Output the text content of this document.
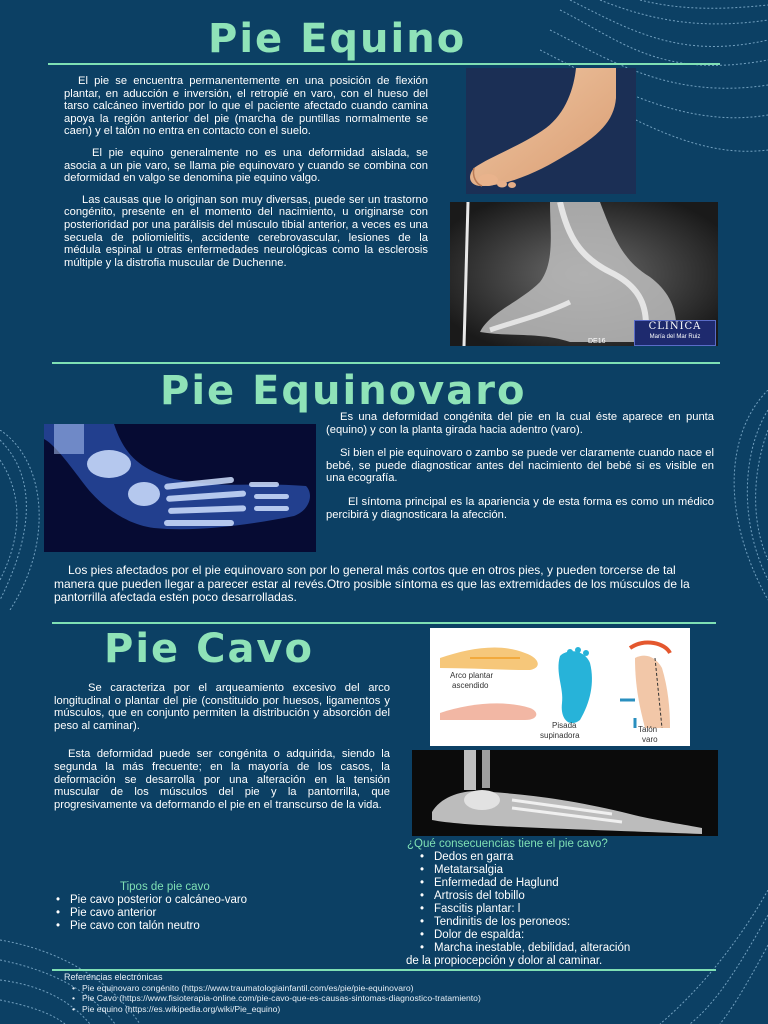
Pie Equino

El pie se encuentra permanentemente en una posición de flexión plantar, en aducción e inversión, el retropié en varo, con el hueso del tarso calcáneo invertido por lo que el paciente afectado cuando camina apoya la región anterior del pie (marcha de puntillas normalmente se caen) y el talón no entra en contacto con el suelo.

El pie equino generalmente no es una deformidad aislada, se asocia a un pie varo, se llama pie equinovaro y cuando se combina con deformidad en valgo se denomina pie equino valgo.

Las causas que lo originan son muy diversas, puede ser un trastorno congénito, presente en el momento del nacimiento, u originarse con posterioridad por una parálisis del músculo tibial anterior, a veces es una secuela de poliomielitis, accidente cerebrovascular, lesiones de la médula espinal u otras enfermedades neurológicas como la esclerosis múltiple y la distrofia muscular de Duchenne.

DE16
CLINICA
María del Mar Ruiz
Pie Equinovaro

Es una deformidad congénita del pie en la cual éste aparece en punta (equino) y con la planta girada hacia adentro (varo).

Si bien el pie equinovaro o zambo se puede ver claramente cuando nace el bebé, se puede diagnosticar antes del nacimiento del bebé si es visible en una ecografía.

El síntoma principal es la apariencia y de esta forma es como un médico percibirá y diagnosticara la afección.

Los pies afectados por el pie equinovaro son por lo general más cortos que en otros pies, y pueden torcerse de tal manera que pueden llegar a parecer estar al revés.Otro posible síntoma es que las extremidades de los músculos de la pantorrilla afectada esten poco desarrolladas.
Pie Cavo
Arco plantar ascendido
Pisada supinadora
Talón varo

Se caracteriza por el arqueamiento excesivo del arco longitudinal o plantar del pie (constituido por huesos, ligamentos y músculos, que en conjunto permiten la distribución y absorción del peso al caminar).

Esta deformidad puede ser congénita o adquirida, siendo la segunda la más frecuente; en la mayoría de los casos, la deformación se desarrolla por una alteración en la tensión muscular de los músculos del pie y la pantorrilla, que progresivamente va deformando el pie en el transcurso de la vida.

Tipos de pie cavo
• Pie cavo posterior o calcáneo-varo
• Pie cavo anterior
• Pie cavo con talón neutro
¿Qué consecuencias tiene el pie cavo?
• Dedos en garra
• Metatarsalgia
• Enfermedad de Haglund
• Artrosis del tobillo
• Fascitis plantar: l
• Tendinitis de los peroneos:
• Dolor de espalda:
• Marcha inestable, debilidad, alteración
de la propiocepción y dolor al caminar.
Referencias electrónicas
• Pie equinovaro congénito (https://www.traumatologiainfantil.com/es/pie/pie-equinovaro)
• Pie Cavo (https://www.fisioterapia-online.com/pie-cavo-que-es-causas-sintomas-diagnostico-tratamiento)
• Pie equino (https://es.wikipedia.org/wiki/Pie_equino)
